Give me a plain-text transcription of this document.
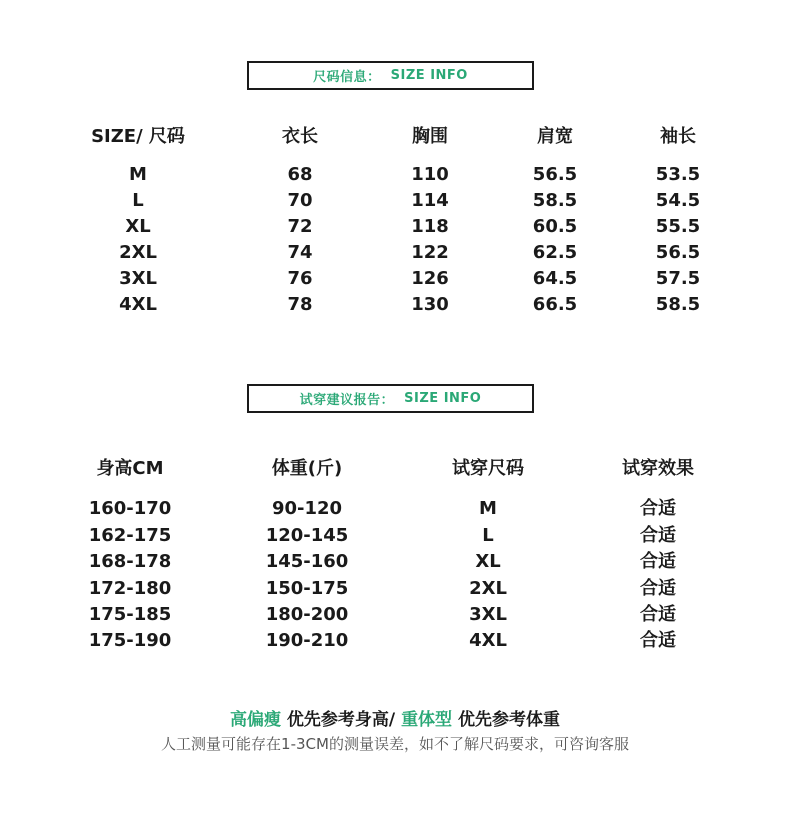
尺码信息： SIZE INFO
SIZE/ 尺码	衣长	胸围	肩宽	袖长
M	68	110	56.5	53.5
L	70	114	58.5	54.5
XL	72	118	60.5	55.5
2XL	74	122	62.5	56.5
3XL	76	126	64.5	57.5
4XL	78	130	66.5	58.5
试穿建议报告： SIZE INFO
身高CM	体重(斤)	试穿尺码	试穿效果
160-170	90-120	M	合适
162-175	120-145	L	合适
168-178	145-160	XL	合适
172-180	150-175	2XL	合适
175-185	180-200	3XL	合适
175-190	190-210	4XL	合适
高偏瘦 优先参考身高/ 重体型 优先参考体重
人工测量可能存在1-3CM的测量误差，如不了解尺码要求，可咨询客服
